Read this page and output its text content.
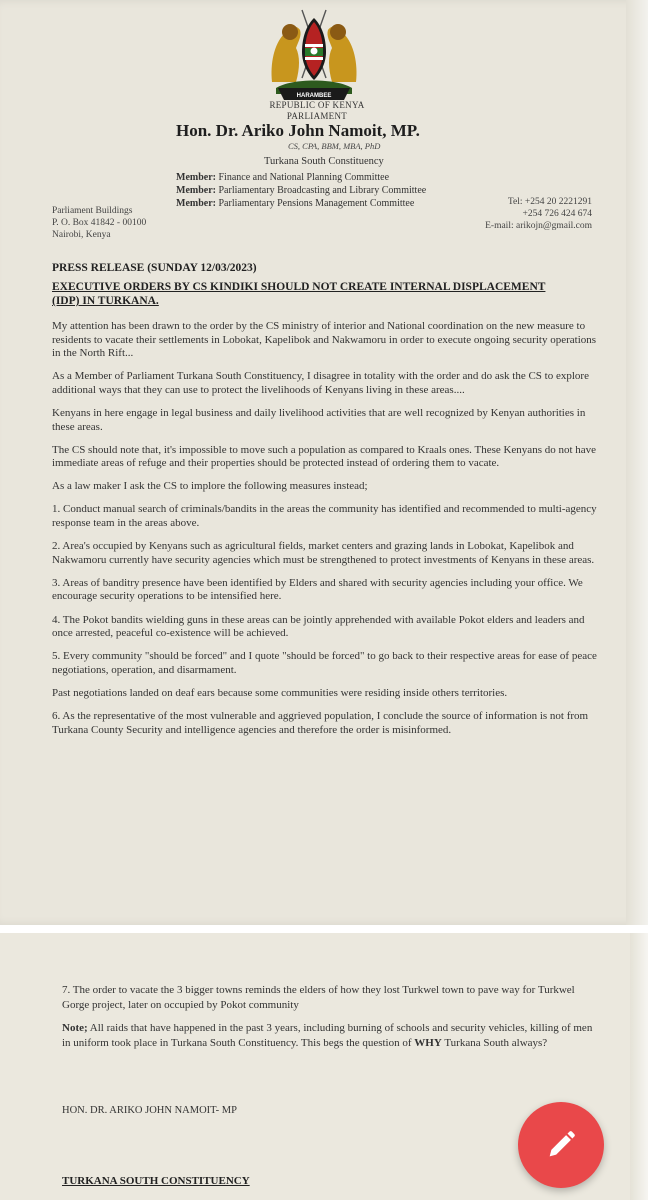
HARAMBEE
REPUBLIC OF KENYA
PARLIAMENT
Hon. Dr. Ariko John Namoit, MP.
CS, CPA, BBM, MBA, PhD
Turkana South Constituency
Member: Finance and National Planning Committee
Member: Parliamentary Broadcasting and Library Committee
Member: Parliamentary Pensions Management Committee
Parliament Buildings
P. O. Box 41842 - 00100
Nairobi, Kenya
Tel: +254 20 2221291
+254 726 424 674
E-mail: arikojn@gmail.com
PRESS RELEASE (SUNDAY 12/03/2023)
EXECUTIVE ORDERS BY CS KINDIKI SHOULD NOT CREATE INTERNAL DISPLACEMENT (IDP) IN TURKANA.

My attention has been drawn to the order by the CS ministry of interior and National coordination on the new measure to residents to vacate their settlements in Lobokat, Kapelibok and Nakwamoru in order to execute ongoing security operations in the North Rift...

As a Member of Parliament Turkana South Constituency, I disagree in totality with the order and do ask the CS to explore additional ways that they can use to protect the livelihoods of Kenyans living in these areas....

Kenyans in here engage in legal business and daily livelihood activities that are well recognized by Kenyan authorities in these areas.

The CS should note that, it's impossible to move such a population as compared to Kraals ones. These Kenyans do not have immediate areas of refuge and their properties should be protected instead of ordering them to vacate.

As a law maker I ask the CS to implore the following measures instead;

1. Conduct manual search of criminals/bandits in the areas the community has identified and recommended to multi-agency response team in the areas above.

2. Area's occupied by Kenyans such as agricultural fields, market centers and grazing lands in Lobokat, Kapelibok and Nakwamoru currently have security agencies which must be strengthened to protect investments of Kenyans in these areas.

3. Areas of banditry presence have been identified by Elders and shared with security agencies including your office. We encourage security operations to be intensified here.

4. The Pokot bandits wielding guns in these areas can be jointly apprehended with available Pokot elders and leaders and once arrested, peaceful co-existence will be achieved.

5. Every community "should be forced" and I quote "should be forced" to go back to their respective areas for ease of peace negotiations, operation, and disarmament.

Past negotiations landed on deaf ears because some communities were residing inside others territories.

6. As the representative of the most vulnerable and aggrieved population, I conclude the source of information is not from Turkana County Security and intelligence agencies and therefore the order is misinformed.

7. The order to vacate the 3 bigger towns reminds the elders of how they lost Turkwel town to pave way for Turkwel Gorge project, later on occupied by Pokot community

Note; All raids that have happened in the past 3 years, including burning of schools and security vehicles, killing of men in uniform took place in Turkana South Constituency. This begs the question of WHY Turkana South always?

HON. DR. ARIKO JOHN NAMOIT- MP
TURKANA SOUTH CONSTITUENCY
